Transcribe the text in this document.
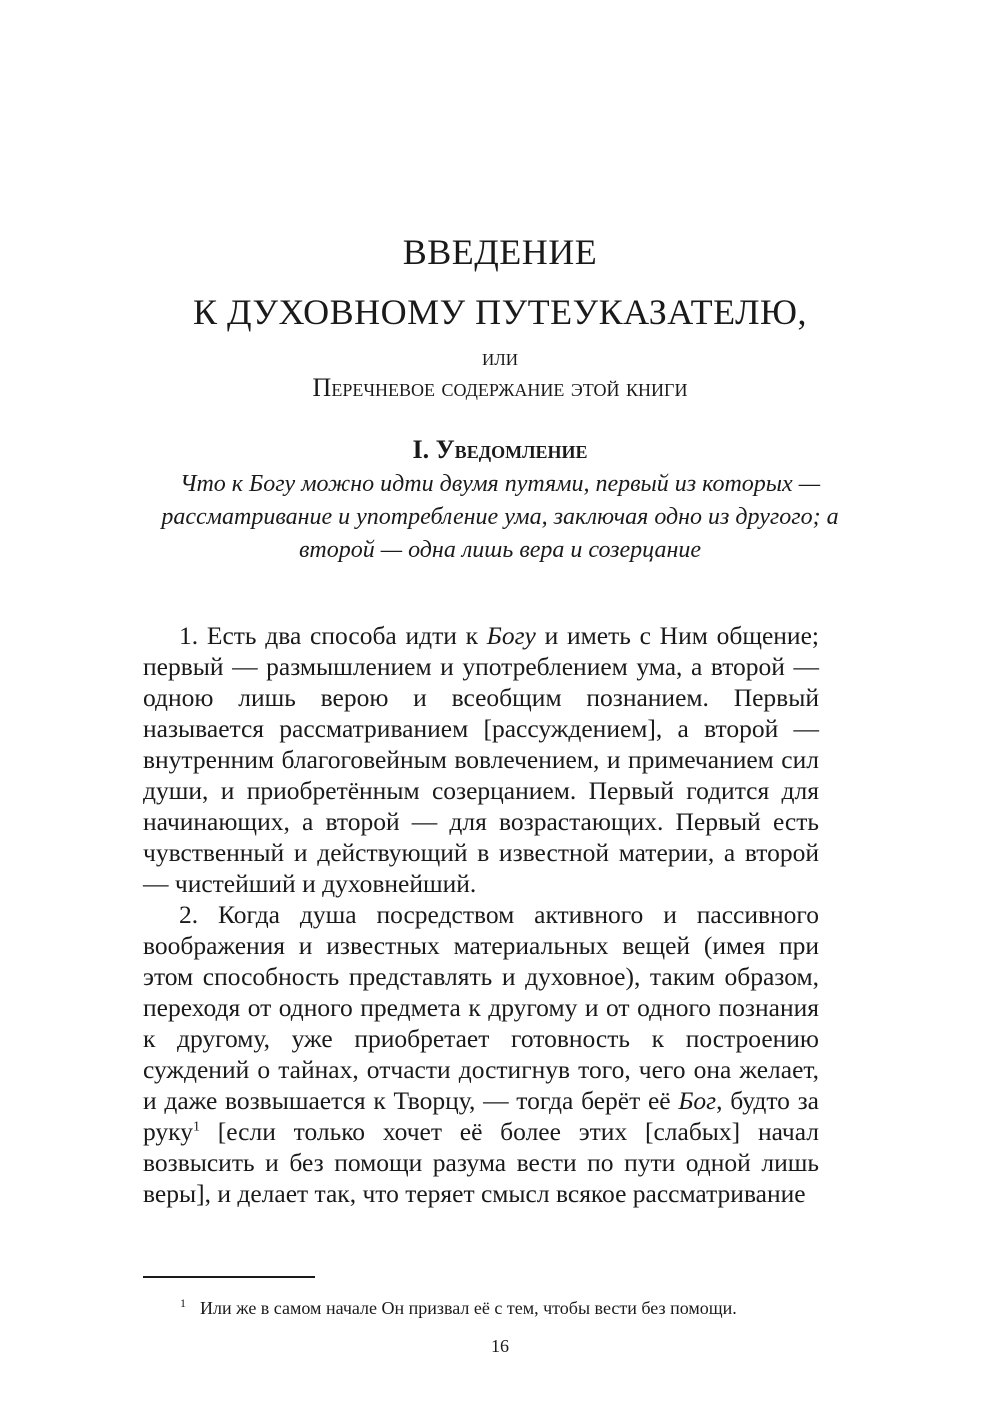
ВВЕДЕНИЕ
К ДУХОВНОМУ ПУТЕУКАЗАТЕЛЮ,
или
Перечневое содержание этой книги
I. Уведомление
Что к Богу можно идти двумя путями, первый из которых — рассматривание и употребление ума, заключая одно из другого; а второй — одна лишь вера и созерцание

1. Есть два способа идти к Богу и иметь с Ним общение; первый — размышлением и употреблением ума, а второй — одною лишь верою и всеобщим познанием. Первый называется рассматриванием [рассуждением], а второй — внутренним благоговейным вовлечением, и примечанием сил души, и приобретённым созерцанием. Первый годится для начинающих, а второй — для возрастающих. Первый есть чувственный и действующий в известной материи, а второй — чистейший и духовнейший.

2. Когда душа посредством активного и пассивного воображения и известных материальных вещей (имея при этом способность представлять и духовное), таким образом, переходя от одного предмета к другому и от одного познания к другому, уже приобретает готовность к построению суждений о тайнах, отчасти достигнув того, чего она желает, и даже возвышается к Творцу, — тогда берёт её Бог, будто за руку$^1$ [если только хочет её более этих [слабых] начал возвысить и без помощи разума вести по пути одной лишь веры], и делает так, что теряет смысл всякое рассматривание

$^1$ Или же в самом начале Он призвал её с тем, чтобы вести без помощи.
16
